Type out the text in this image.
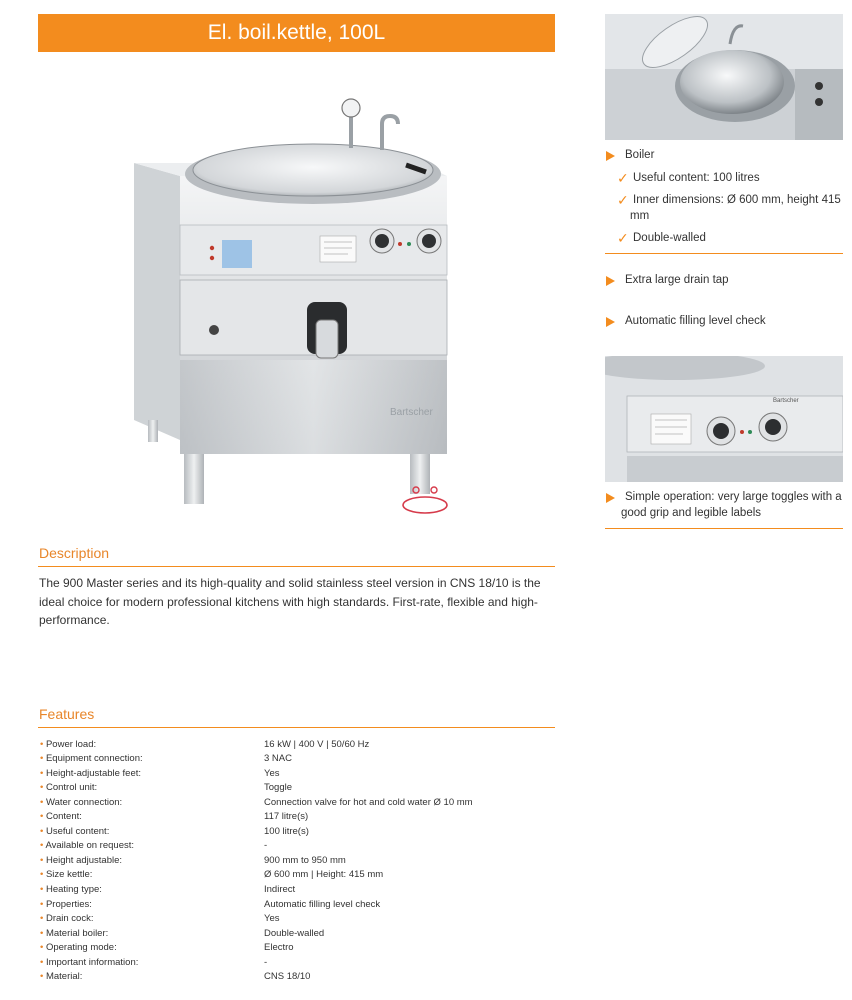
El. boil.kettle, 100L
Bartscher
Bartscher
Boiler
✓ Useful content: 100 litres
✓ Inner dimensions: Ø 600 mm, height 415
mm
✓ Double-walled
Extra large drain tap
Automatic filling level check
Simple operation: very large toggles with a
good grip and legible labels
Description
The 900 Master series and its high-quality and solid stainless steel version in CNS 18/10 is the ideal choice for modern professional kitchens with high standards. First-rate, flexible and high-performance.
Features
• Power load:	16 kW | 400 V | 50/60 Hz
• Equipment connection:	3 NAC
• Height-adjustable feet:	Yes
• Control unit:	Toggle
• Water connection:	Connection valve for hot and cold water Ø 10 mm
• Content:	117 litre(s)
• Useful content:	100 litre(s)
• Available on request:	-
• Height adjustable:	900 mm to 950 mm
• Size kettle:	Ø 600 mm | Height: 415 mm
• Heating type:	Indirect
• Properties:	Automatic filling level check
• Drain cock:	Yes
• Material boiler:	Double-walled
• Operating mode:	Electro
• Important information:	-
• Material:	CNS 18/10
